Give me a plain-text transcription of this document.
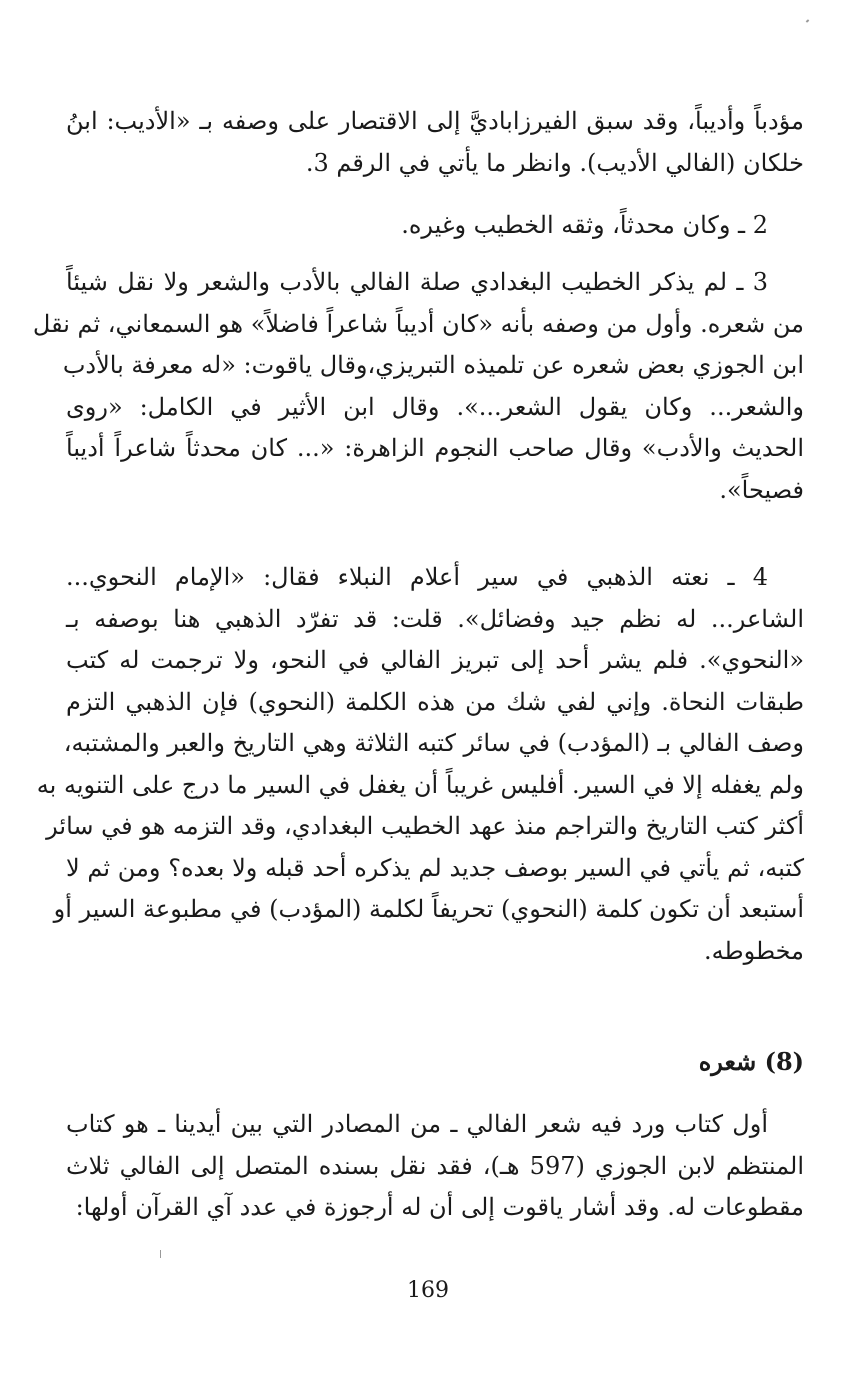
مؤدباً وأديباً، وقد سبق الفيرزاباديَّ إلى الاقتصار على وصفه بـ «الأديب: ابنُ
خلكان (الفالي الأديب). وانظر ما يأتي في الرقم 3.
2 ـ وكان محدثاً، وثقه الخطيب وغيره.
3 ـ لم يذكر الخطيب البغدادي صلة الفالي بالأدب والشعر ولا نقل شيئاً
من شعره. وأول من وصفه بأنه «كان أديباً شاعراً فاضلاً» هو السمعاني، ثم نقل
ابن الجوزي بعض شعره عن تلميذه التبريزي،وقال ياقوت: «له معرفة بالأدب
والشعر... وكان يقول الشعر...». وقال ابن الأثير في الكامل: «روى
الحديث والأدب» وقال صاحب النجوم الزاهرة: «... كان محدثاً شاعراً أديباً
فصيحاً».
4 ـ نعته الذهبي في سير أعلام النبلاء فقال: «الإمام النحوي...
الشاعر... له نظم جيد وفضائل». قلت: قد تفرّد الذهبي هنا بوصفه بـ
«النحوي». فلم يشر أحد إلى تبريز الفالي في النحو، ولا ترجمت له كتب
طبقات النحاة. وإني لفي شك من هذه الكلمة (النحوي) فإن الذهبي التزم
وصف الفالي بـ (المؤدب) في سائر كتبه الثلاثة وهي التاريخ والعبر والمشتبه،
ولم يغفله إلا في السير. أفليس غريباً أن يغفل في السير ما درج على التنويه به
أكثر كتب التاريخ والتراجم منذ عهد الخطيب البغدادي، وقد التزمه هو في سائر
كتبه، ثم يأتي في السير بوصف جديد لم يذكره أحد قبله ولا بعده؟ ومن ثم لا
أستبعد أن تكون كلمة (النحوي) تحريفاً لكلمة (المؤدب) في مطبوعة السير أو
مخطوطه.
(8) شعره
أول كتاب ورد فيه شعر الفالي ـ من المصادر التي بين أيدينا ـ هو كتاب
المنتظم لابن الجوزي (597 هـ)، فقد نقل بسنده المتصل إلى الفالي ثلاث
مقطوعات له. وقد أشار ياقوت إلى أن له أرجوزة في عدد آي القرآن أولها:
169
